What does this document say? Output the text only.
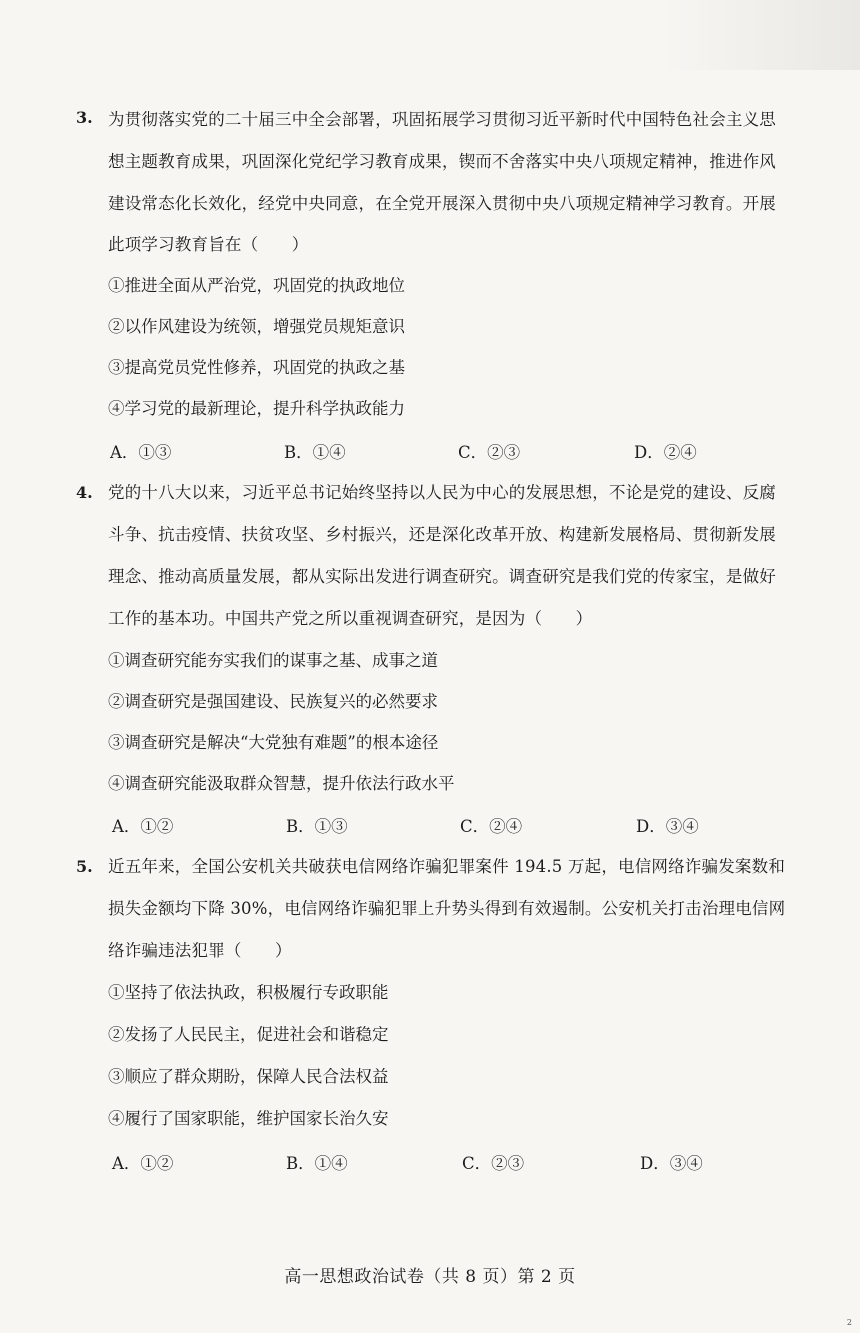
3. 为贯彻落实党的二十届三中全会部署，巩固拓展学习贯彻习近平新时代中国特色社会主义思
想主题教育成果，巩固深化党纪学习教育成果，锲而不舍落实中央八项规定精神，推进作风
建设常态化长效化，经党中央同意，在全党开展深入贯彻中央八项规定精神学习教育。开展
此项学习教育旨在（　　）
①推进全面从严治党，巩固党的执政地位
②以作风建设为统领，增强党员规矩意识
③提高党员党性修养，巩固党的执政之基
④学习党的最新理论，提升科学执政能力
A．①③	B．①④	C．②③	D．②④
4. 党的十八大以来，习近平总书记始终坚持以人民为中心的发展思想，不论是党的建设、反腐
斗争、抗击疫情、扶贫攻坚、乡村振兴，还是深化改革开放、构建新发展格局、贯彻新发展
理念、推动高质量发展，都从实际出发进行调查研究。调查研究是我们党的传家宝，是做好
工作的基本功。中国共产党之所以重视调查研究，是因为（　　）
①调查研究能夯实我们的谋事之基、成事之道
②调查研究是强国建设、民族复兴的必然要求
③调查研究是解决“大党独有难题”的根本途径
④调查研究能汲取群众智慧，提升依法行政水平
A．①②	B．①③	C．②④	D．③④
5. 近五年来，全国公安机关共破获电信网络诈骗犯罪案件 194.5 万起，电信网络诈骗发案数和
损失金额均下降 30%，电信网络诈骗犯罪上升势头得到有效遏制。公安机关打击治理电信网
络诈骗违法犯罪（　　）
①坚持了依法执政，积极履行专政职能
②发扬了人民民主，促进社会和谐稳定
③顺应了群众期盼，保障人民合法权益
④履行了国家职能，维护国家长治久安
A．①②	B．①④	C．②③	D．③④
高一思想政治试卷（共 8 页）第 2 页
2
